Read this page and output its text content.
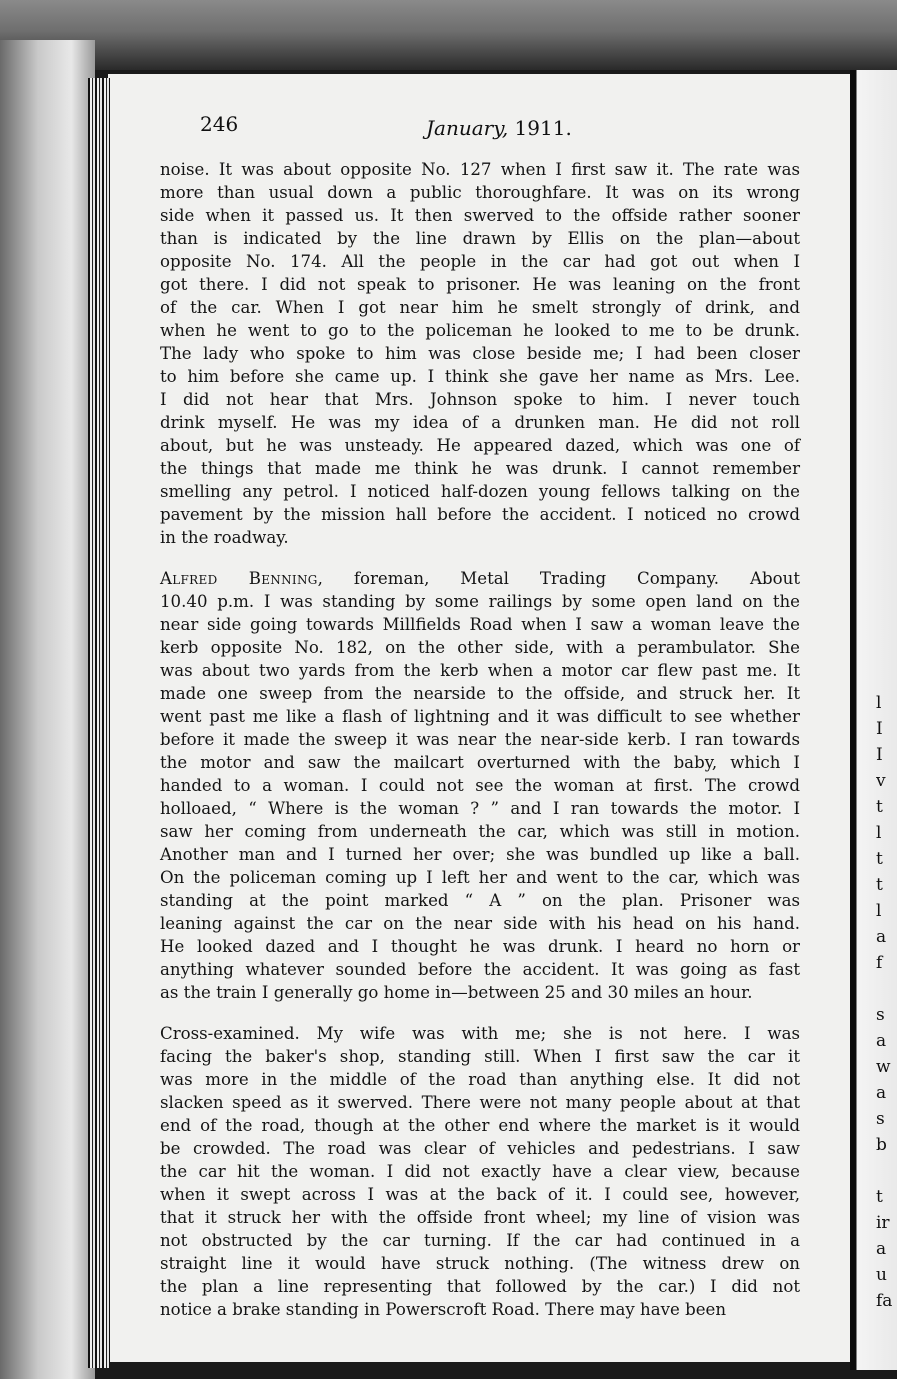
l
I
I
v
t
l
t
t
l
a
f
s
a
w
a
s
b
t
ir
a
u
fa
246	January, 1911.
noise. It was about opposite No. 127 when I first saw it. The rate was
more than usual down a public thoroughfare. It was on its wrong
side when it passed us. It then swerved to the offside rather sooner
than is indicated by the line drawn by Ellis on the plan—about
opposite No. 174. All the people in the car had got out when I
got there. I did not speak to prisoner. He was leaning on the front
of the car. When I got near him he smelt strongly of drink, and
when he went to go to the policeman he looked to me to be drunk.
The lady who spoke to him was close beside me; I had been closer
to him before she came up. I think she gave her name as Mrs. Lee.
I did not hear that Mrs. Johnson spoke to him. I never touch
drink myself. He was my idea of a drunken man. He did not roll
about, but he was unsteady. He appeared dazed, which was one of
the things that made me think he was drunk. I cannot remember
smelling any petrol. I noticed half-dozen young fellows talking on the
pavement by the mission hall before the accident. I noticed no crowd
in the roadway.
Alfred Benning, foreman, Metal Trading Company. About
10.40 p.m. I was standing by some railings by some open land on the
near side going towards Millfields Road when I saw a woman leave the
kerb opposite No. 182, on the other side, with a perambulator. She
was about two yards from the kerb when a motor car flew past me. It
made one sweep from the nearside to the offside, and struck her. It
went past me like a flash of lightning and it was difficult to see whether
before it made the sweep it was near the near-side kerb. I ran towards
the motor and saw the mailcart overturned with the baby, which I
handed to a woman. I could not see the woman at first. The crowd
holloaed, “ Where is the woman ? ” and I ran towards the motor. I
saw her coming from underneath the car, which was still in motion.
Another man and I turned her over; she was bundled up like a ball.
On the policeman coming up I left her and went to the car, which was
standing at the point marked “ A ” on the plan. Prisoner was
leaning against the car on the near side with his head on his hand.
He looked dazed and I thought he was drunk. I heard no horn or
anything whatever sounded before the accident. It was going as fast
as the train I generally go home in—between 25 and 30 miles an hour.
Cross-examined. My wife was with me; she is not here. I was
facing the baker's shop, standing still. When I first saw the car it
was more in the middle of the road than anything else. It did not
slacken speed as it swerved. There were not many people about at that
end of the road, though at the other end where the market is it would
be crowded. The road was clear of vehicles and pedestrians. I saw
the car hit the woman. I did not exactly have a clear view, because
when it swept across I was at the back of it. I could see, however,
that it struck her with the offside front wheel; my line of vision was
not obstructed by the car turning. If the car had continued in a
straight line it would have struck nothing. (The witness drew on
the plan a line representing that followed by the car.) I did not
notice a brake standing in Powerscroft Road. There may have been
